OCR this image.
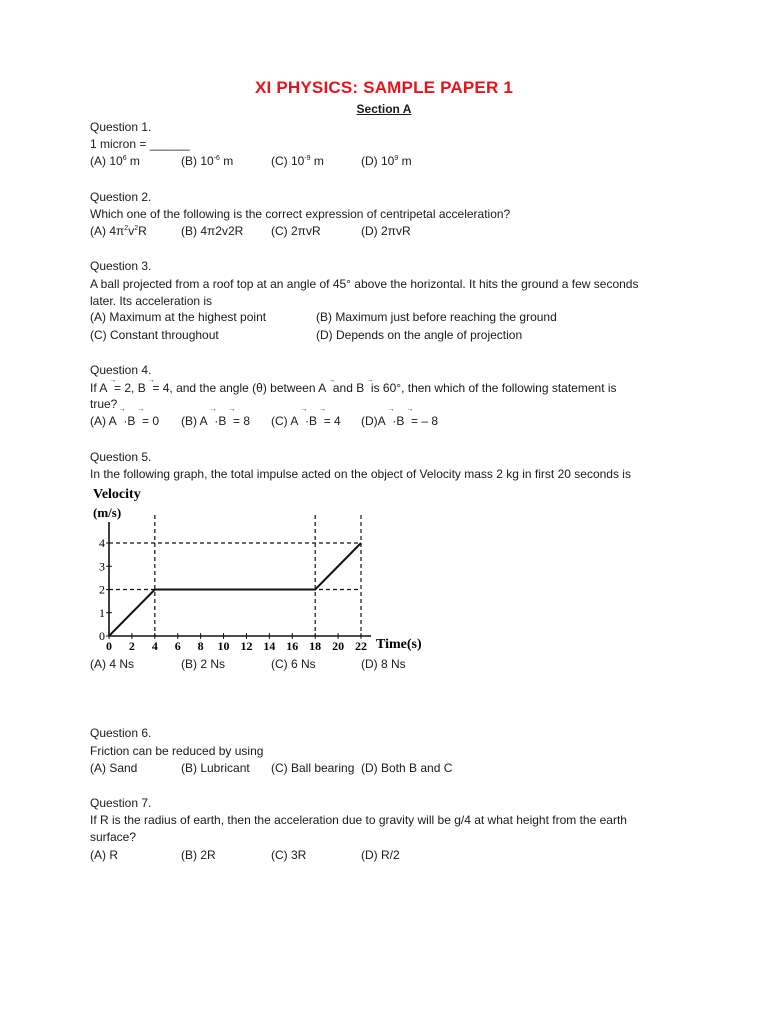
XI PHYSICS: SAMPLE PAPER 1
Section A
Question 1.
1 micron = ______
(A) $10^6$ m	(B) $10^{-6}$ m	(C) $10^{-9}$ m	(D) $10^9$ m
Question 2.
Which one of the following is the correct expression of centripetal acceleration?
(A) $4\pi^2v^2R$	(B) 4π2v2R (C) 2πvR	(D) 2πvR
Question 3.
A ball projected from a roof top at an angle of 45° above the horizontal. It hits the ground a few seconds
later. Its acceleration is
(A) Maximum at the highest point	(B) Maximum just before reaching the ground
(C) Constant throughout	(D) Depends on the angle of projection
Question 4.
If A  → = 2, B  → = 4, and the angle (θ) between A  → and B  → is 60°, then which of the following statement is
true?
(A) A  → ·B  → = 0 (B) A  → ·B  → = 8 (C) A  → ·B  → = 4 (D)A  → ·B  → = – 8
Question 5.
In the following graph, the total impulse acted on the object of Velocity mass 2 kg in first 20 seconds is
Velocity
(m/s)
Time(s)
0
1
2
3
4
0 2 4 6 8 10 12 14 16 18 20 22
(A) 4 Ns	(B) 2 Ns	(C) 6 Ns	(D) 8 Ns
Question 6.
Friction can be reduced by using
(A) Sand	(B) Lubricant (C) Ball bearing (D) Both B and C
Question 7.
If R is the radius of earth, then the acceleration due to gravity will be g/4 at what height from the earth
surface?
(A) R	(B) 2R	(C) 3R	(D) R/2
